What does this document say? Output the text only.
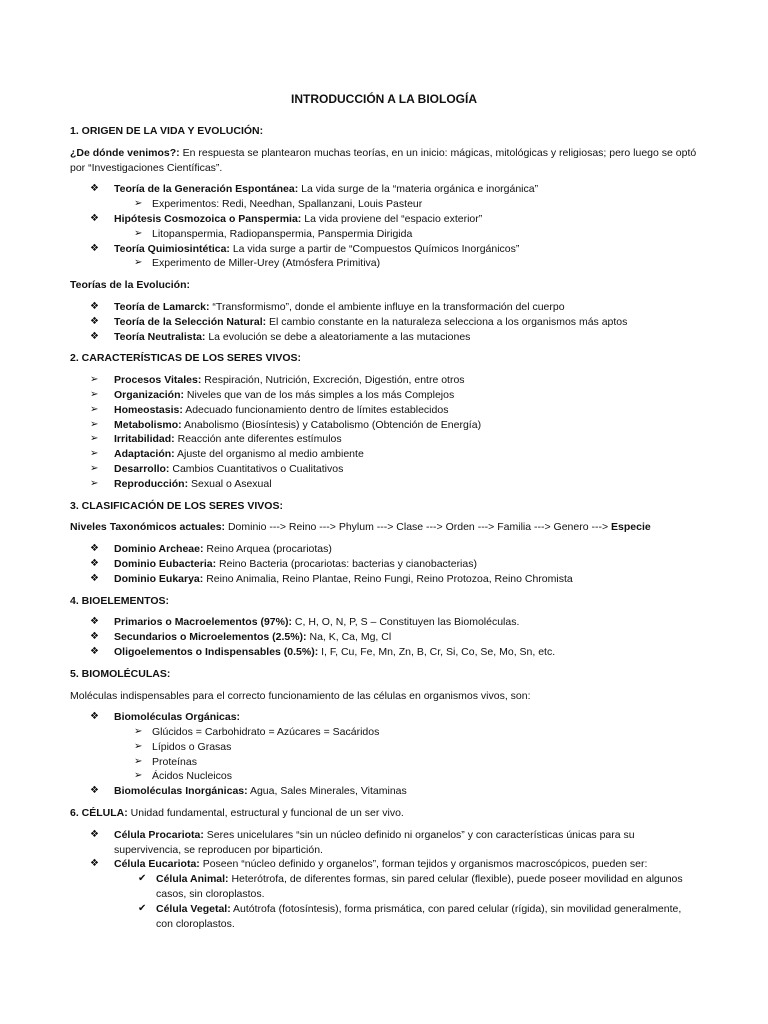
INTRODUCCIÓN A LA BIOLOGÍA
1. ORIGEN DE LA VIDA Y EVOLUCIÓN:

¿De dónde venimos?: En respuesta se plantearon muchas teorías, en un inicio: mágicas, mitológicas y religiosas; pero luego se optó por “Investigaciones Científicas”.

❖ Teoría de la Generación Espontánea: La vida surge de la “materia orgánica e inorgánica”
➢ Experimentos: Redi, Needhan, Spallanzani, Louis Pasteur
❖ Hipótesis Cosmozoica o Panspermia: La vida proviene del “espacio exterior”
➢ Litopanspermia, Radiopanspermia, Panspermia Dirigida
❖ Teoría Quimiosintética: La vida surge a partir de “Compuestos Químicos Inorgánicos”
➢ Experimento de Miller-Urey (Atmósfera Primitiva)

Teorías de la Evolución:

❖ Teoría de Lamarck: “Transformismo”, donde el ambiente influye en la transformación del cuerpo
❖ Teoría de la Selección Natural: El cambio constante en la naturaleza selecciona a los organismos más aptos
❖ Teoría Neutralista: La evolución se debe a aleatoriamente a las mutaciones
2. CARACTERÍSTICAS DE LOS SERES VIVOS:
➢ Procesos Vitales: Respiración, Nutrición, Excreción, Digestión, entre otros
➢ Organización: Niveles que van de los más simples a los más Complejos
➢ Homeostasis: Adecuado funcionamiento dentro de límites establecidos
➢ Metabolismo: Anabolismo (Biosíntesis) y Catabolismo (Obtención de Energía)
➢ Irritabilidad: Reacción ante diferentes estímulos
➢ Adaptación: Ajuste del organismo al medio ambiente
➢ Desarrollo: Cambios Cuantitativos o Cualitativos
➢ Reproducción: Sexual o Asexual
3. CLASIFICACIÓN DE LOS SERES VIVOS:

Niveles Taxonómicos actuales: Dominio ---> Reino ---> Phylum ---> Clase ---> Orden ---> Familia ---> Genero ---> Especie

❖ Dominio Archeae: Reino Arquea (procariotas)
❖ Dominio Eubacteria: Reino Bacteria (procariotas: bacterias y cianobacterias)
❖ Dominio Eukarya: Reino Animalia, Reino Plantae, Reino Fungi, Reino Protozoa, Reino Chromista
4. BIOELEMENTOS:
❖ Primarios o Macroelementos (97%): C, H, O, N, P, S – Constituyen las Biomoléculas.
❖ Secundarios o Microelementos (2.5%): Na, K, Ca, Mg, Cl
❖ Oligoelementos o Indispensables (0.5%): I, F, Cu, Fe, Mn, Zn, B, Cr, Si, Co, Se, Mo, Sn, etc.
5. BIOMOLÉCULAS:

Moléculas indispensables para el correcto funcionamiento de las células en organismos vivos, son:

❖ Biomoléculas Orgánicas:
➢ Glúcidos = Carbohidrato = Azúcares = Sacáridos
➢ Lípidos o Grasas
➢ Proteínas
➢ Ácidos Nucleicos
❖ Biomoléculas Inorgánicas: Agua, Sales Minerales, Vitaminas

6. CÉLULA: Unidad fundamental, estructural y funcional de un ser vivo.

❖ Célula Procariota: Seres unicelulares “sin un núcleo definido ni organelos” y con características únicas para su supervivencia, se reproducen por bipartición.
❖ Célula Eucariota: Poseen “núcleo definido y organelos”, forman tejidos y organismos macroscópicos, pueden ser:
✔ Célula Animal: Heterótrofa, de diferentes formas, sin pared celular (flexible), puede poseer movilidad en algunos casos, sin cloroplastos.
✔ Célula Vegetal: Autótrofa (fotosíntesis), forma prismática, con pared celular (rígida), sin movilidad generalmente, con cloroplastos.
